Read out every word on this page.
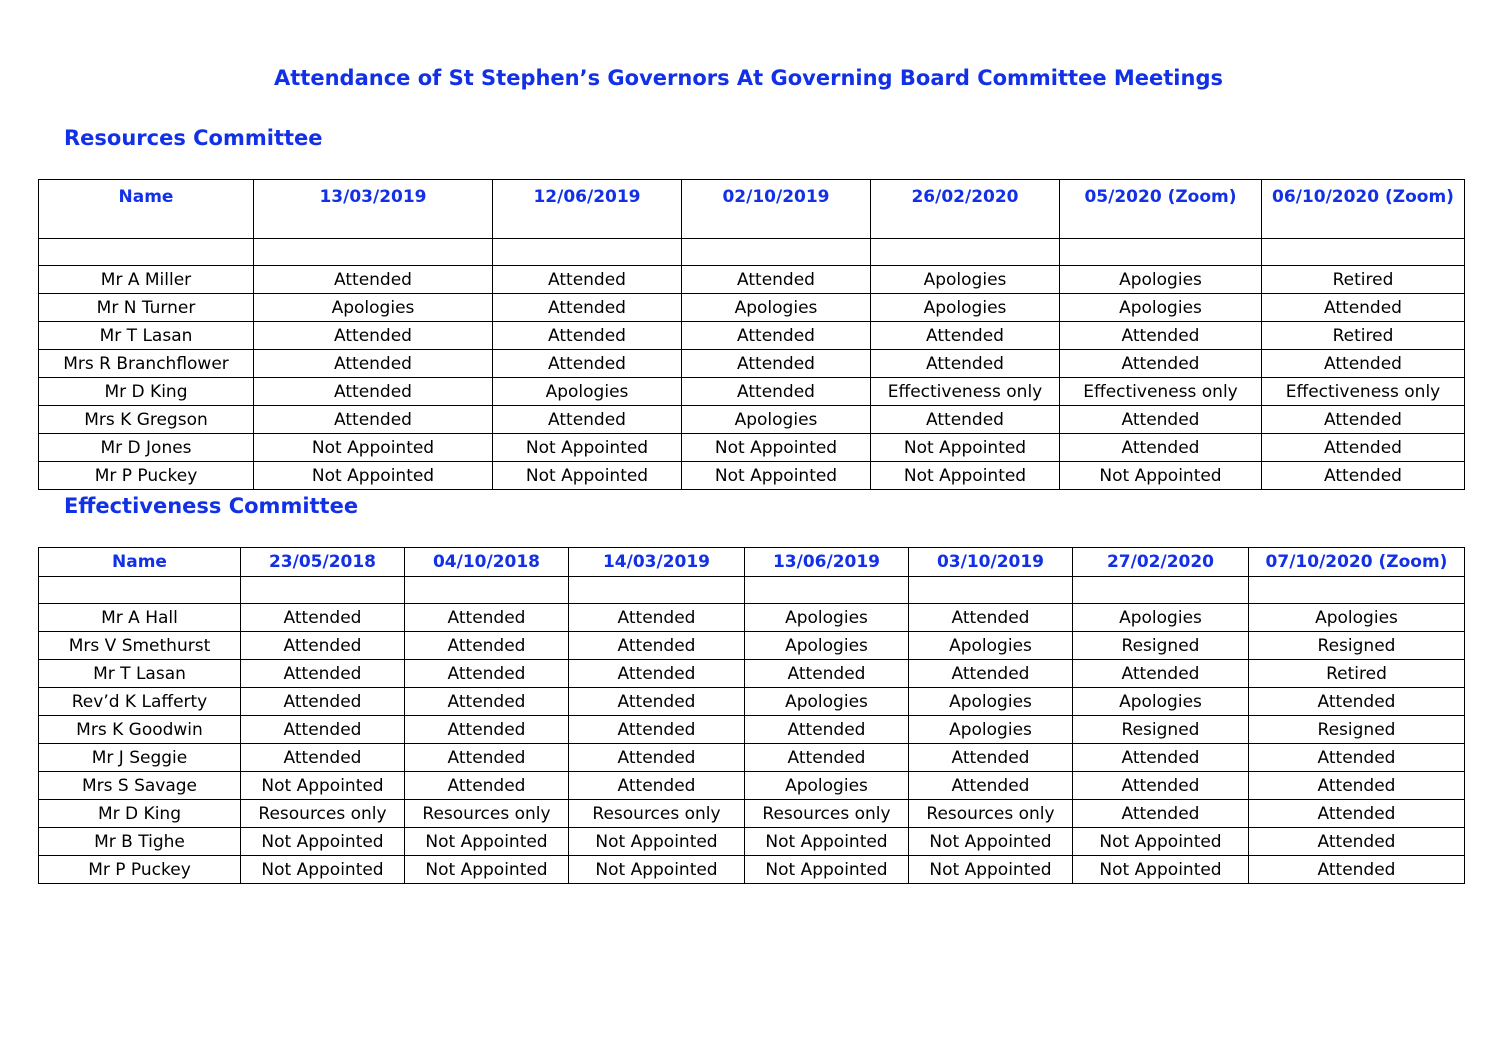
Attendance of St Stephen’s Governors At Governing Board Committee Meetings
Resources Committee
Name	13/03/2019	12/06/2019	02/10/2019	26/02/2020	05/2020 (Zoom)	06/10/2020 (Zoom)

Mr A Miller	Attended	Attended	Attended	Apologies	Apologies	Retired
Mr N Turner	Apologies	Attended	Apologies	Apologies	Apologies	Attended
Mr T Lasan	Attended	Attended	Attended	Attended	Attended	Retired
Mrs R Branchflower	Attended	Attended	Attended	Attended	Attended	Attended
Mr D King	Attended	Apologies	Attended	Effectiveness only	Effectiveness only	Effectiveness only
Mrs K Gregson	Attended	Attended	Apologies	Attended	Attended	Attended
Mr D Jones	Not Appointed	Not Appointed	Not Appointed	Not Appointed	Attended	Attended
Mr P Puckey	Not Appointed	Not Appointed	Not Appointed	Not Appointed	Not Appointed	Attended
Effectiveness Committee
Name	23/05/2018	04/10/2018	14/03/2019	13/06/2019	03/10/2019	27/02/2020	07/10/2020 (Zoom)

Mr A Hall	Attended	Attended	Attended	Apologies	Attended	Apologies	Apologies
Mrs V Smethurst	Attended	Attended	Attended	Apologies	Apologies	Resigned	Resigned
Mr T Lasan	Attended	Attended	Attended	Attended	Attended	Attended	Retired
Rev’d K Lafferty	Attended	Attended	Attended	Apologies	Apologies	Apologies	Attended
Mrs K Goodwin	Attended	Attended	Attended	Attended	Apologies	Resigned	Resigned
Mr J Seggie	Attended	Attended	Attended	Attended	Attended	Attended	Attended
Mrs S Savage	Not Appointed	Attended	Attended	Apologies	Attended	Attended	Attended
Mr D King	Resources only	Resources only	Resources only	Resources only	Resources only	Attended	Attended
Mr B Tighe	Not Appointed	Not Appointed	Not Appointed	Not Appointed	Not Appointed	Not Appointed	Attended
Mr P Puckey	Not Appointed	Not Appointed	Not Appointed	Not Appointed	Not Appointed	Not Appointed	Attended
